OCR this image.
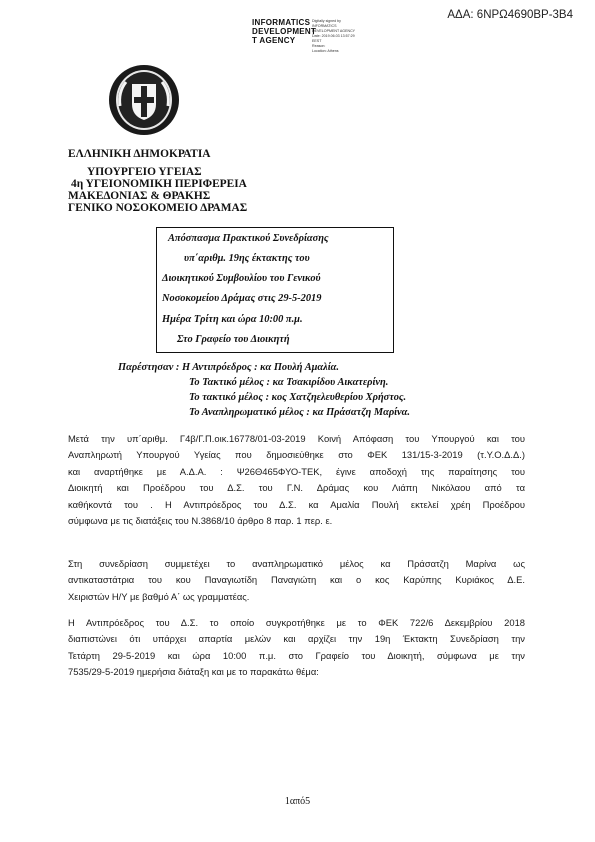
ΑΔΑ: 6ΝΡΩ4690ΒΡ-3Β4
INFORMATICS
DEVELOPMENT
T AGENCY
Digitally signed by
INFORMATICS
DEVELOPMENT AGENCY
Date: 2019.06.03 13:57:29
EEST
Reason:
Location: Athens
ΕΛΛΗΝΙΚΗ ΔΗΜΟΚΡΑΤΙΑ
ΥΠΟΥΡΓΕΙΟ ΥΓΕΙΑΣ
4η ΥΓΕΙΟΝΟΜΙΚΗ ΠΕΡΙΦΕΡΕΙΑ
ΜΑΚΕΔΟΝΙΑΣ & ΘΡΑΚΗΣ
ΓΕΝΙΚΟ ΝΟΣΟΚΟΜΕΙΟ ΔΡΑΜΑΣ
Απόσπασμα Πρακτικού Συνεδρίασης
υπ΄αριθμ. 19ης έκτακτης του
Διοικητικού Συμβουλίου του Γενικού
Νοσοκομείου Δράμας στις 29-5-2019
Ημέρα Τρίτη και ώρα 10:00 π.μ.
Στο Γραφείο του Διοικητή
Παρέστησαν : Η Αντιπρόεδρος : κα Πουλή Αμαλία.
Το Τακτικό μέλος : κα Τσακιρίδου Αικατερίνη.
Το τακτικό μέλος : κος Χατζηελευθερίου Χρήστος.
Το Αναπληρωματικό μέλος : κα Πράσατζη Μαρίνα.
Μετά την υπ΄αριθμ. Γ4β/Γ.Π.οικ.16778/01-03-2019 Κοινή Απόφαση του Υπουργού και του
Αναπληρωτή Υπουργού Υγείας που δημοσιεύθηκε στο ΦΕΚ 131/15-3-2019 (τ.Υ.Ο.Δ.Δ.)
και αναρτήθηκε με Α.Δ.Α. : Ψ26Θ465ΦΥΟ-ΤΕΚ, έγινε αποδοχή της παραίτησης του
Διοικητή και Προέδρου του Δ.Σ. του Γ.Ν. Δράμας κου Λιάπη Νικόλαου από τα
καθήκοντά του . Η Αντιπρόεδρος του Δ.Σ. κα Αμαλία Πουλή εκτελεί χρέη Προέδρου
σύμφωνα με τις διατάξεις του Ν.3868/10 άρθρο 8 παρ. 1 περ. ε.
Στη συνεδρίαση συμμετέχει το αναπληρωματικό μέλος κα Πράσατζη Μαρίνα ως
αντικαταστάτρια του κου Παναγιωτίδη Παναγιώτη και ο κος Καρύπης Κυριάκος Δ.Ε.
Χειριστών Η/Υ με βαθμό Α΄ ως γραμματέας.
Η Αντιπρόεδρος του Δ.Σ. το οποίο συγκροτήθηκε με το ΦΕΚ 722/6 Δεκεμβρίου 2018
διαπιστώνει ότι υπάρχει απαρτία μελών και αρχίζει την 19η Έκτακτη Συνεδρίαση την
Τετάρτη 29-5-2019 και ώρα 10:00 π.μ. στο Γραφείο του Διοικητή, σύμφωνα με την
7535/29-5-2019 ημερήσια διάταξη και με το παρακάτω θέμα:
1από5
